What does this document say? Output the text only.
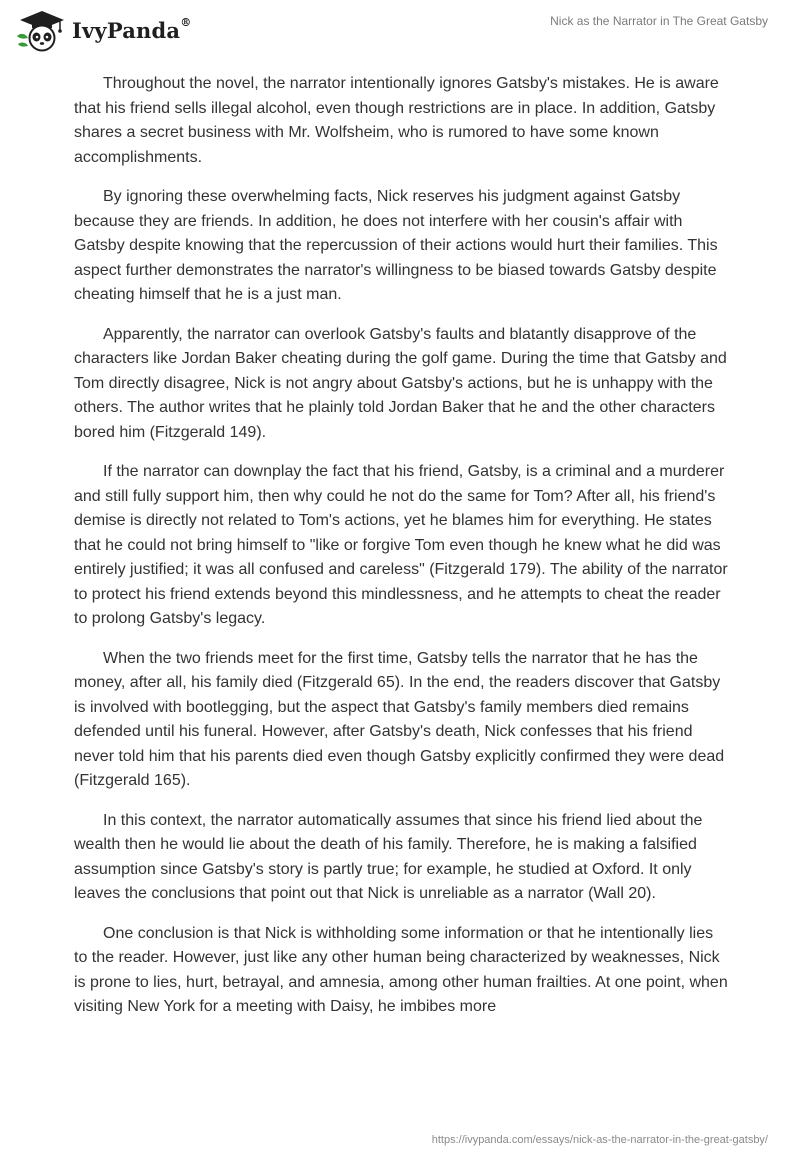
IvyPanda®	Nick as the Narrator in The Great Gatsby

Throughout the novel, the narrator intentionally ignores Gatsby's mistakes. He is aware that his friend sells illegal alcohol, even though restrictions are in place. In addition, Gatsby shares a secret business with Mr. Wolfsheim, who is rumored to have some known accomplishments.

By ignoring these overwhelming facts, Nick reserves his judgment against Gatsby because they are friends. In addition, he does not interfere with her cousin's affair with Gatsby despite knowing that the repercussion of their actions would hurt their families. This aspect further demonstrates the narrator's willingness to be biased towards Gatsby despite cheating himself that he is a just man.

Apparently, the narrator can overlook Gatsby's faults and blatantly disapprove of the characters like Jordan Baker cheating during the golf game. During the time that Gatsby and Tom directly disagree, Nick is not angry about Gatsby's actions, but he is unhappy with the others. The author writes that he plainly told Jordan Baker that he and the other characters bored him (Fitzgerald 149).

If the narrator can downplay the fact that his friend, Gatsby, is a criminal and a murderer and still fully support him, then why could he not do the same for Tom? After all, his friend's demise is directly not related to Tom's actions, yet he blames him for everything. He states that he could not bring himself to "like or forgive Tom even though he knew what he did was entirely justified; it was all confused and careless" (Fitzgerald 179). The ability of the narrator to protect his friend extends beyond this mindlessness, and he attempts to cheat the reader to prolong Gatsby's legacy.

When the two friends meet for the first time, Gatsby tells the narrator that he has the money, after all, his family died (Fitzgerald 65). In the end, the readers discover that Gatsby is involved with bootlegging, but the aspect that Gatsby's family members died remains defended until his funeral. However, after Gatsby's death, Nick confesses that his friend never told him that his parents died even though Gatsby explicitly confirmed they were dead (Fitzgerald 165).

In this context, the narrator automatically assumes that since his friend lied about the wealth then he would lie about the death of his family. Therefore, he is making a falsified assumption since Gatsby's story is partly true; for example, he studied at Oxford. It only leaves the conclusions that point out that Nick is unreliable as a narrator (Wall 20).

One conclusion is that Nick is withholding some information or that he intentionally lies to the reader. However, just like any other human being characterized by weaknesses, Nick is prone to lies, hurt, betrayal, and amnesia, among other human frailties. At one point, when visiting New York for a meeting with Daisy, he imbibes more

https://ivypanda.com/essays/nick-as-the-narrator-in-the-great-gatsby/
